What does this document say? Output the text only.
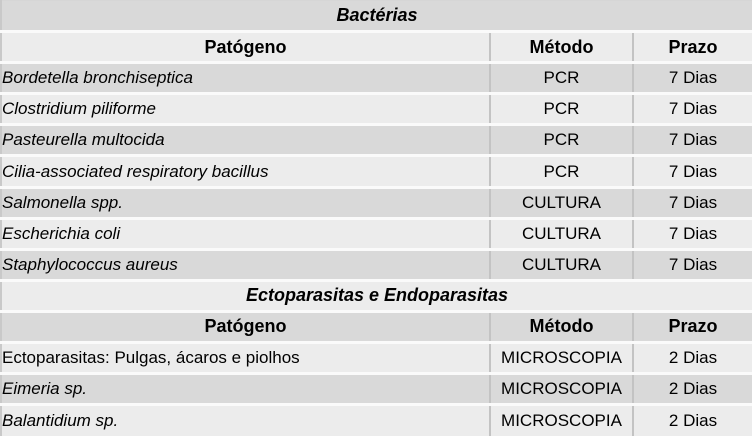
Bactérias		
Patógeno	Método	Prazo
Bordetella bronchiseptica	PCR	7 Dias
Clostridium piliforme	PCR	7 Dias
Pasteurella multocida	PCR	7 Dias
Cilia-associated respiratory bacillus	PCR	7 Dias
Salmonella spp.	CULTURA	7 Dias
Escherichia coli	CULTURA	7 Dias
Staphylococcus aureus	CULTURA	7 Dias
Ectoparasitas e Endoparasitas		
Patógeno	Método	Prazo
Ectoparasitas: Pulgas, ácaros e piolhos	MICROSCOPIA	2 Dias
Eimeria sp.	MICROSCOPIA	2 Dias
Balantidium sp.	MICROSCOPIA	2 Dias
